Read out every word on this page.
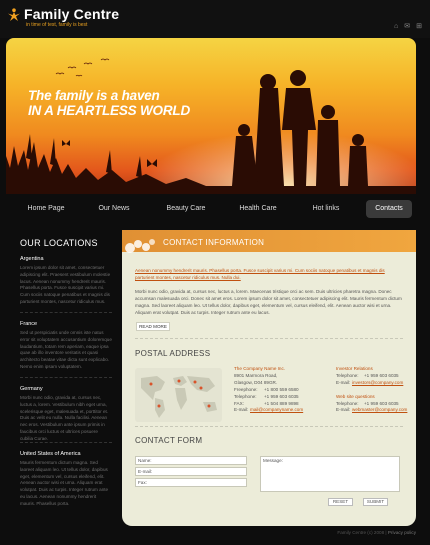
Family Centre
in time of test, family is best	⌂ ✉ ⊞
The family is a haven
IN A HEARTLESS WORLD
Home Page	Our News	Beauty Care	Health Care	Hot links	Contacts
OUR LOCATIONS
Argentina
Lorem ipsum dolor sit amet, consectetuer adipiscing elit. Praesent vestibulum molestie lacus. Aenean nonummy hendrerit mauris. Phasellus porta. Fusce suscipit varius mi. Cum sociis natoque penatibus et magnis dis parturient montes, nascetur ridiculus mus.
France
Sed ut perspiciatis unde omnis iste natus error sit voluptatem accusantium doloremque laudantium, totam rem aperiam, eaque ipsa quae ab illo inventore veritatis et quasi architecto beatae vitae dicta sunt explicabo. Nemo enim ipsam voluptatem.
Germany
Morbi nunc odio, gravida at, cursus nec, luctus a, lorem. Vestibulum nibh eget urna, scelerisque eget, malesuada et, porttitor et. Duis ac velit eu nulla. Nulla facilisi. Aenean nec eros. Vestibulum ante ipsum primis in faucibus orci luctus et ultrices posuere cubilia Curae.
United States of America
Mauris fermentum dictum magna. Sed laoreet aliquam leo. Ut tellus dolor, dapibus eget, elementum vel, cursus eleifend, elit. Aenean auctor wisi et urna. Aliquam erat volutpat. Duis ac turpis. Integer rutrum ante eu lacus. Aenean nonummy hendrerit mauris. Phasellus porta.
CONTACT INFORMATION
Aenean nonummy hendrerit mauris. Phasellus porta. Fusce suscipit varius mi. Cum sociis natoque penatibus et magnis dis parturient montes, nascetur ridiculus mus. Nulla dui.
Morbi nunc odio, gravida at, cursus nec, luctus a, lorem. Maecenas tristique orci ac sem. Duis ultricies pharetra magna. Donec accumsan malesuada orci. Donec sit amet eros. Lorem ipsum dolor sit amet, consectetuer adipiscing elit. Mauris fermentum dictum magna. Sed laoreet aliquam leo. Ut tellus dolor, dapibus eget, elementum vel, cursus eleifend, elit. Aenean auctor wisi et urna. Aliquam erat volutpat. Duis ac turpis. Integer rutrum ante eu lacus.
READ MORE
POSTAL ADDRESS
The Company Name Inc.
8901 Marmora Road,
Glasgow, D04 89GR.
Freephone: +1 800 559 6580
Telephone: +1 959 603 6035
FAX:	+1 504 889 9898
E-mail: mail@companyname.com
Investor Relations
Telephone: +1 959 603 6035
E-mail: investors@company.com
Web site questions
Telephone: +1 959 603 6035
E-mail: webmaster@company.com
CONTACT FORM
Name:
E-mail:
Fax:
Message:
RESET	SUBMIT
Family Centre (c) 2008 | Privacy policy
